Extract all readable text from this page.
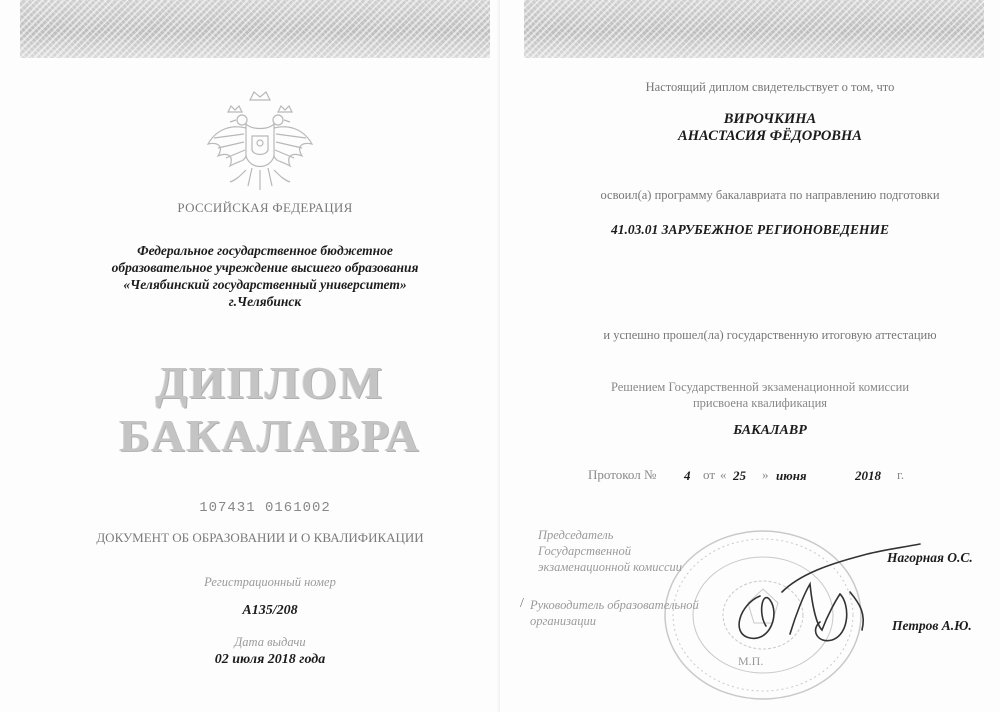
РОССИЙСКАЯ ФЕДЕРАЦИЯ
Федеральное государственное бюджетное
образовательное учреждение высшего образования
«Челябинский государственный университет»
г.Челябинск
ДИПЛОМ
БАКАЛАВРА
107431 0161002
ДОКУМЕНТ ОБ ОБРАЗОВАНИИ И О КВАЛИФИКАЦИИ
Регистрационный номер
А135/208
Дата выдачи
02 июля 2018 года
Настоящий диплом свидетельствует о том, что
ВИРОЧКИНА
АНАСТАСИЯ ФЁДОРОВНА
освоил(а) программу бакалавриата по направлению подготовки
41.03.01 ЗАРУБЕЖНОЕ РЕГИОНОВЕДЕНИЕ
и успешно прошел(ла) государственную итоговую аттестацию
Решением Государственной экзаменационной комиссии
присвоена квалификация
БАКАЛАВР
Протокол № 4 от « 25 » июня	2018 г.
Председатель
Государственной
экзаменационной комиссии
Нагорная О.С.
/ Руководитель образовательной
организации	Петров А.Ю.
М.П.
